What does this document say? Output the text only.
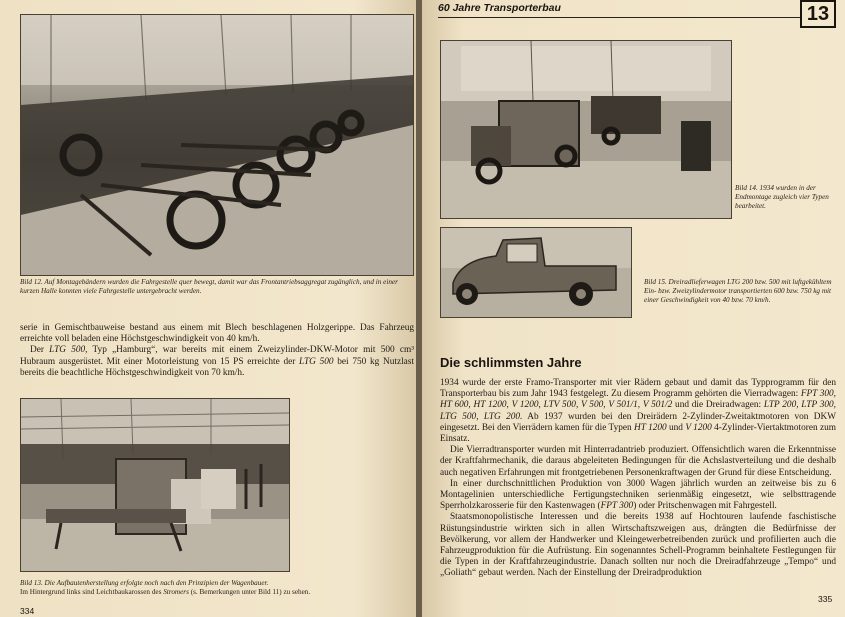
Bild 12. Auf Montagebändern wurden die Fahrgestelle quer bewegt, damit war das Frontantriebsaggregat zugänglich, und in einer kurzen Halle konnten viele Fahrgestelle untergebracht werden.

serie in Gemischtbauweise bestand aus einem mit Blech beschlagenen Holzgerippe. Das Fahrzeug erreichte voll beladen eine Höchstgeschwindigkeit von 40 km/h.

Der LTG 500, Typ „Hamburg“, war bereits mit einem Zweizylinder-DKW-Motor mit 500 cm³ Hubraum ausgerüstet. Mit einer Motorleistung von 15 PS erreichte der LTG 500 bei 750 kg Nutzlast bereits die beachtliche Höchstgeschwindigkeit von 70 km/h.

Bild 13. Die Aufbautenherstellung erfolgte noch nach den Prinzipien der Wagenbauer.
Im Hintergrund links sind Leichtbaukarossen des Stromers (s. Bemerkungen unter Bild 11) zu sehen.
334
60 Jahre Transporterbau	13
Bild 14. 1934 wurden in der Endmontage zugleich vier Typen bearbeitet.
Bild 15. Dreiradlieferwagen LTG 200 bzw. 500 mit luftgekühltem Ein- bzw. Zweizylindermotor transportierten 600 bzw. 750 kg mit einer Geschwindigkeit von 40 bzw. 70 km/h.
Die schlimmsten Jahre

1934 wurde der erste Framo-Transporter mit vier Rädern gebaut und damit das Typprogramm für den Transporterbau bis zum Jahr 1943 festgelegt. Zu diesem Programm gehörten die Vierradwagen: FPT 300, HT 600, HT 1200, V 1200, LTV 500, V 500, V 501/1, V 501/2 und die Dreiradwagen: LTP 200, LTP 300, LTG 500, LTG 200. Ab 1937 wurden bei den Dreirädern 2-Zylinder-Zweitaktmotoren von DKW eingesetzt. Bei den Vierrädern kamen für die Typen HT 1200 und V 1200 4-Zylinder-Viertaktmotoren zum Einsatz.

Die Vierradtransporter wurden mit Hinterradantrieb produziert. Offensichtlich waren die Erkenntnisse der Kraftfahrmechanik, die daraus abgeleiteten Bedingungen für die Achslastverteilung und die deshalb auch negativen Erfahrungen mit frontgetriebenen Personenkraftwagen der Grund für diese Entscheidung.

In einer durchschnittlichen Produktion von 3000 Wagen jährlich wurden an zeitweise bis zu 6 Montagelinien unterschiedliche Fertigungstechniken serienmäßig eingesetzt, wie selbsttragende Sperrholzkarosserie für den Kastenwagen (FPT 300) oder Pritschenwagen mit Fahrgestell.

Staatsmonopolistische Interessen und die bereits 1938 auf Hochtouren laufende faschistische Rüstungsindustrie wirkten sich in allen Wirtschaftszweigen aus, drängten die Bedürfnisse der Bevölkerung, vor allem der Handwerker und Kleingewerbetreibenden zurück und profilierten auch die Fahrzeugproduktion für die Aufrüstung. Ein sogenanntes Schell-Programm beinhaltete Festlegungen für die Typen in der Kraftfahrzeugindustrie. Danach sollten nur noch die Dreiradfahrzeuge „Tempo“ und „Goliath“ gebaut werden. Nach der Einstellung der Dreiradproduktion

335
